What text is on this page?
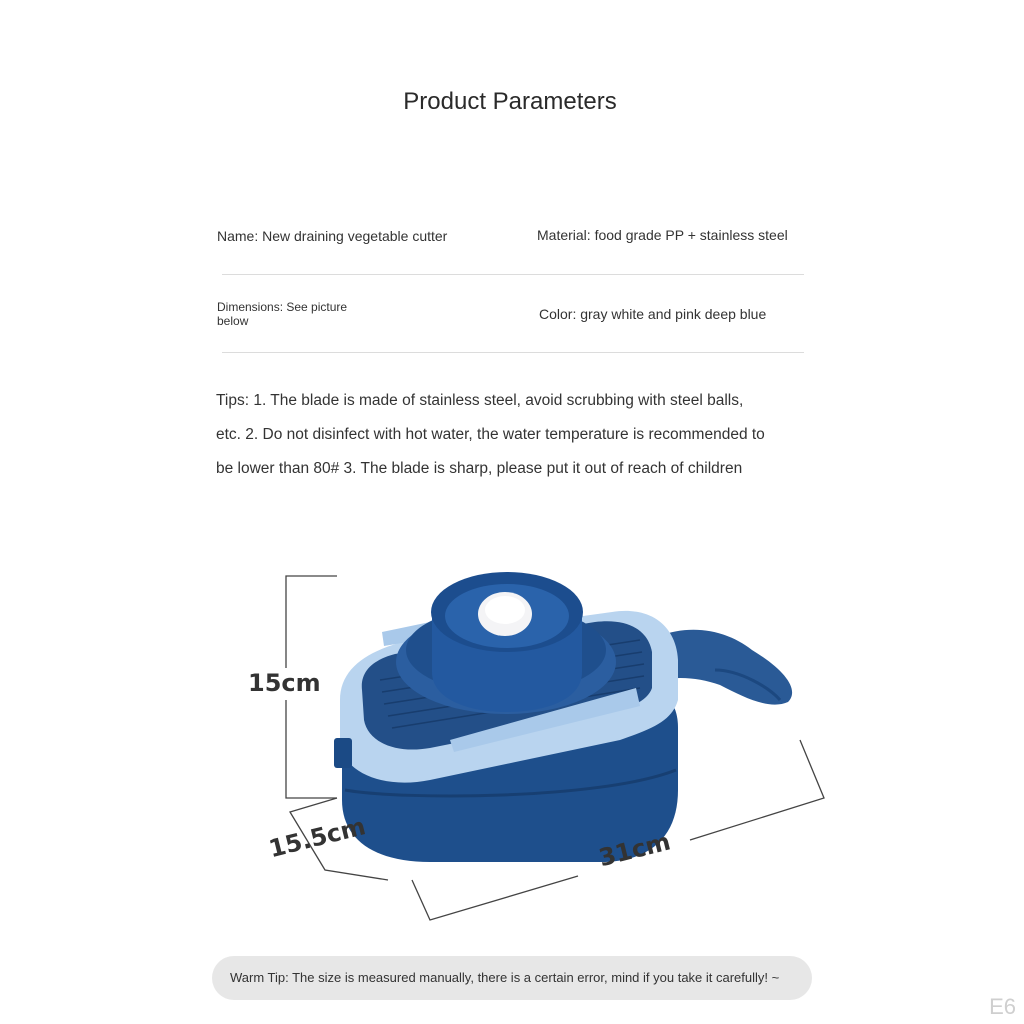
Product Parameters
Name: New draining vegetable cutter	Material: food grade PP + stainless steel
Dimensions: See picture
below	Color: gray white and pink deep blue
Tips: 1. The blade is made of stainless steel, avoid scrubbing with steel balls,
etc. 2. Do not disinfect with hot water, the water temperature is recommended to
be lower than 80# 3. The blade is sharp, please put it out of reach of children
15cm
15.5cm	31cm
Warm Tip: The size is measured manually, there is a certain error, mind if you take it carefully! ~
E6
